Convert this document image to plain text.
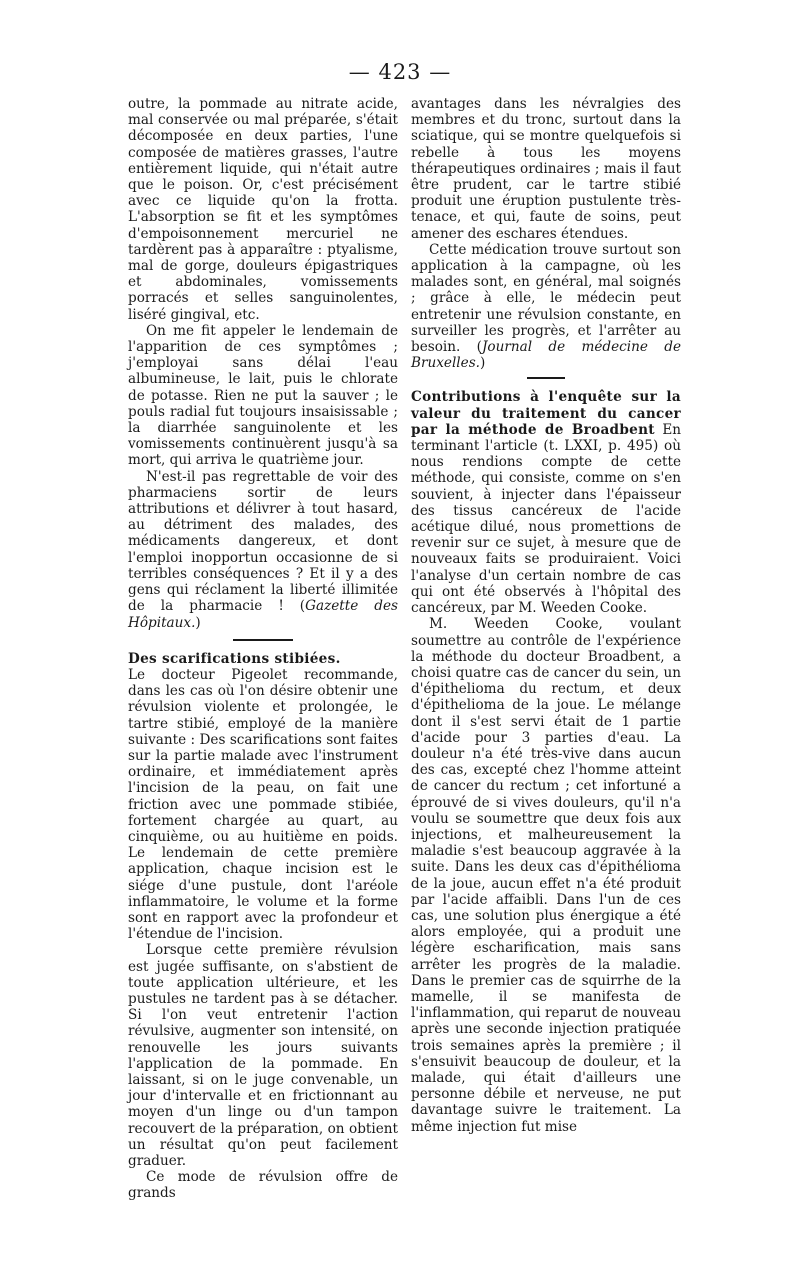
— 423 —

outre, la pommade au nitrate acide, mal conservée ou mal préparée, s'était décomposée en deux parties, l'une composée de matières grasses, l'autre entièrement liquide, qui n'était autre que le poison. Or, c'est précisément avec ce liquide qu'on la frotta. L'absorption se fit et les symptômes d'empoisonnement mercuriel ne tardèrent pas à apparaître : ptyalisme, mal de gorge, douleurs épigastriques et abdominales, vomissements porracés et selles sanguinolentes, liséré gingival, etc.

On me fit appeler le lendemain de l'apparition de ces symptômes ; j'employai sans délai l'eau albumineuse, le lait, puis le chlorate de potasse. Rien ne put la sauver ; le pouls radial fut toujours insaisissable ; la diarrhée sanguinolente et les vomissements continuèrent jusqu'à sa mort, qui arriva le quatrième jour.

N'est-il pas regrettable de voir des pharmaciens sortir de leurs attributions et délivrer à tout hasard, au détriment des malades, des médicaments dangereux, et dont l'emploi inopportun occasionne de si terribles conséquences ? Et il y a des gens qui réclament la liberté illimitée de la pharmacie ! (Gazette des Hôpitaux.)

Des scarifications stibiées.

Le docteur Pigeolet recommande, dans les cas où l'on désire obtenir une révulsion violente et prolongée, le tartre stibié, employé de la manière suivante : Des scarifications sont faites sur la partie malade avec l'instrument ordinaire, et immédiatement après l'incision de la peau, on fait une friction avec une pommade stibiée, fortement chargée au quart, au cinquième, ou au huitième en poids. Le lendemain de cette première application, chaque incision est le siége d'une pustule, dont l'aréole inflammatoire, le volume et la forme sont en rapport avec la profondeur et l'étendue de l'incision.

Lorsque cette première révulsion est jugée suffisante, on s'abstient de toute application ultérieure, et les pustules ne tardent pas à se détacher. Si l'on veut entretenir l'action révulsive, augmenter son intensité, on renouvelle les jours suivants l'application de la pommade. En laissant, si on le juge convenable, un jour d'intervalle et en frictionnant au moyen d'un linge ou d'un tampon recouvert de la préparation, on obtient un résultat qu'on peut facilement graduer.

Ce mode de révulsion offre de grands

avantages dans les névralgies des membres et du tronc, surtout dans la sciatique, qui se montre quelquefois si rebelle à tous les moyens thérapeutiques ordinaires ; mais il faut être prudent, car le tartre stibié produit une éruption pustulente très-tenace, et qui, faute de soins, peut amener des eschares étendues.

Cette médication trouve surtout son application à la campagne, où les malades sont, en général, mal soignés ; grâce à elle, le médecin peut entretenir une révulsion constante, en surveiller les progrès, et l'arrêter au besoin. (Journal de médecine de Bruxelles.)

Contributions à l'enquête sur la valeur du traitement du cancer par la méthode de Broadbent En terminant l'article (t. LXXI, p. 495) où nous rendions compte de cette méthode, qui consiste, comme on s'en souvient, à injecter dans l'épaisseur des tissus cancéreux de l'acide acétique dilué, nous promettions de revenir sur ce sujet, à mesure que de nouveaux faits se produiraient. Voici l'analyse d'un certain nombre de cas qui ont été observés à l'hôpital des cancéreux, par M. Weeden Cooke.

M. Weeden Cooke, voulant soumettre au contrôle de l'expérience la méthode du docteur Broadbent, a choisi quatre cas de cancer du sein, un d'épithelioma du rectum, et deux d'épithelioma de la joue. Le mélange dont il s'est servi était de 1 partie d'acide pour 3 parties d'eau. La douleur n'a été très-vive dans aucun des cas, excepté chez l'homme atteint de cancer du rectum ; cet infortuné a éprouvé de si vives douleurs, qu'il n'a voulu se soumettre que deux fois aux injections, et malheureusement la maladie s'est beaucoup aggravée à la suite. Dans les deux cas d'épithélioma de la joue, aucun effet n'a été produit par l'acide affaibli. Dans l'un de ces cas, une solution plus énergique a été alors employée, qui a produit une légère escharification, mais sans arrêter les progrès de la maladie. Dans le premier cas de squirrhe de la mamelle, il se manifesta de l'inflammation, qui reparut de nouveau après une seconde injection pratiquée trois semaines après la première ; il s'ensuivit beaucoup de douleur, et la malade, qui était d'ailleurs une personne débile et nerveuse, ne put davantage suivre le traitement. La même injection fut mise
